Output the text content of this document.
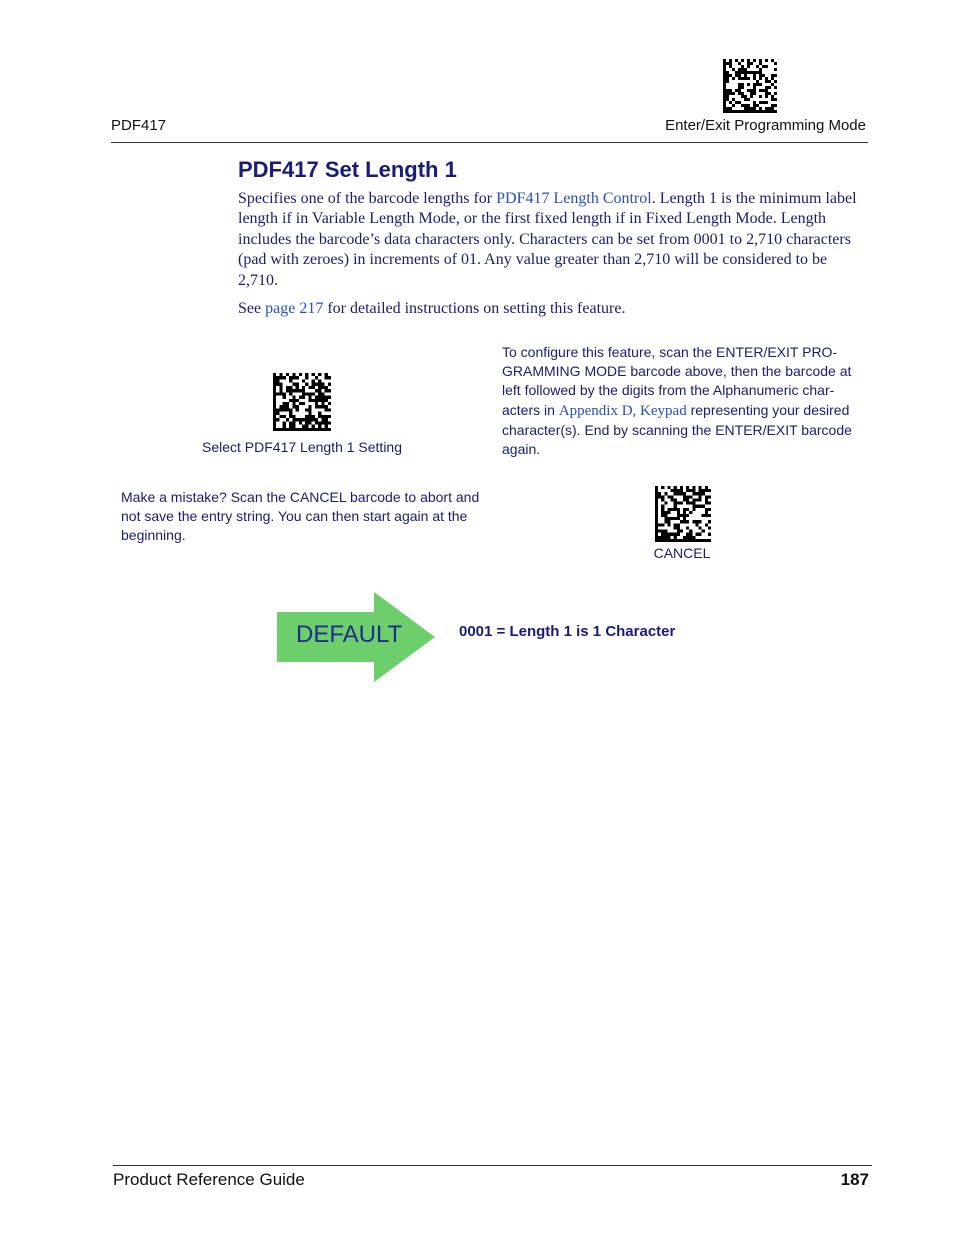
PDF417	Enter/Exit Programming Mode
PDF417 Set Length 1

Specifies one of the barcode lengths for PDF417 Length Control. Length 1 is the minimum label length if in Variable Length Mode, or the first fixed length if in Fixed Length Mode. Length includes the barcode’s data characters only. Characters can be set from 0001 to 2,710 characters (pad with zeroes) in increments of 01. Any value greater than 2,710 will be considered to be 2,710.

See page 217 for detailed instructions on setting this feature.

Select PDF417 Length 1 Setting
To configure this feature, scan the ENTER/EXIT PRO-GRAMMING MODE barcode above, then the barcode at left followed by the digits from the Alphanumeric char-acters in Appendix D, Keypad representing your desired character(s). End by scanning the ENTER/EXIT barcode again.
Make a mistake? Scan the CANCEL barcode to abort and not save the entry string. You can then start again at the beginning.
CANCEL
DEFAULT	0001 = Length 1 is 1 Character
Product Reference Guide	187
